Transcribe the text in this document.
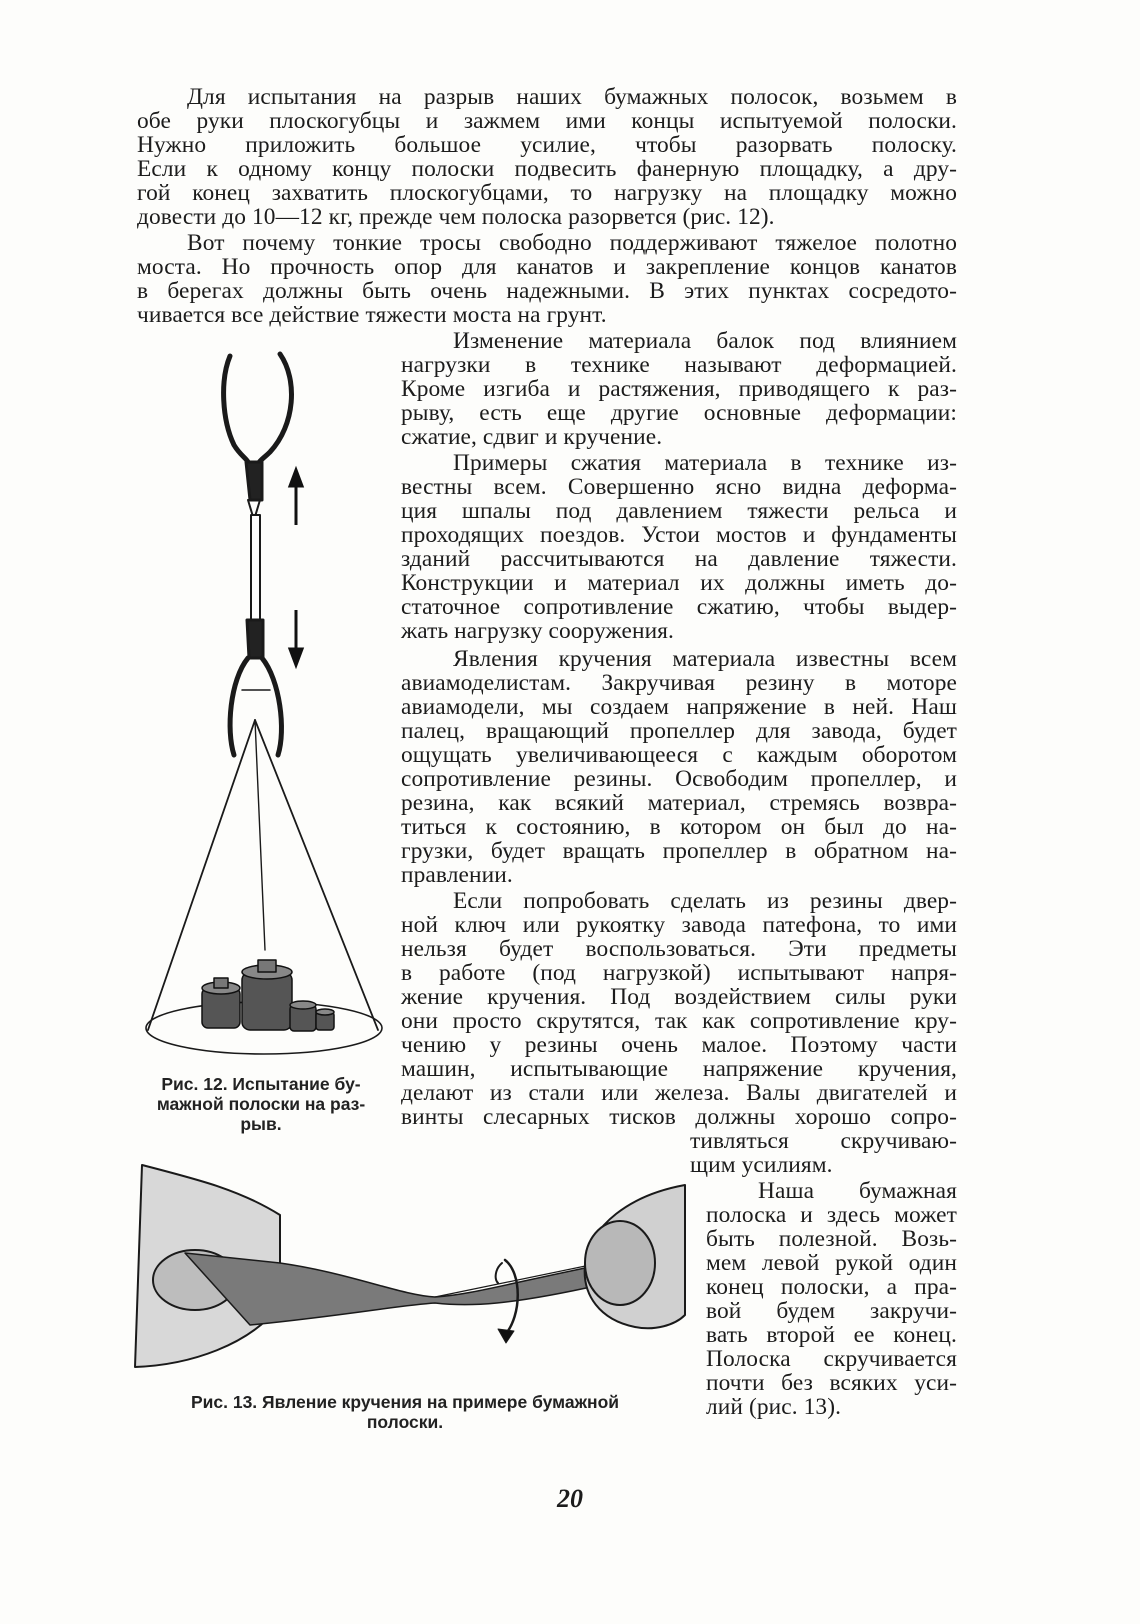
Для испытания на разрыв наших бумажных полосок, возьмем в
обе руки плоскогубцы и зажмем ими концы испытуемой полоски.
Нужно приложить большое усилие, чтобы разорвать полоску.
Если к одному концу полоски подвесить фанерную площадку, а дру-
гой конец захватить плоскогубцами, то нагрузку на площадку можно
довести до 10—12 кг, прежде чем полоска разорвется (рис. 12).
Вот почему тонкие тросы свободно поддерживают тяжелое полотно
моста. Но прочность опор для канатов и закрепление концов канатов
в берегах должны быть очень надежными. В этих пунктах сосредото-
чивается все действие тяжести моста на грунт.
Изменение материала балок под влиянием
нагрузки в технике называют деформацией.
Кроме изгиба и растяжения, приводящего к раз-
рыву, есть еще другие основные деформации:
сжатие, сдвиг и кручение.
Примеры сжатия материала в технике из-
вестны всем. Совершенно ясно видна деформа-
ция шпалы под давлением тяжести рельса и
проходящих поездов. Устои мостов и фундаменты
зданий рассчитываются на давление тяжести.
Конструкции и материал их должны иметь до-
статочное сопротивление сжатию, чтобы выдер-
жать нагрузку сооружения.
Явления кручения материала известны всем
авиамоделистам. Закручивая резину в моторе
авиамодели, мы создаем напряжение в ней. Наш
палец, вращающий пропеллер для завода, будет
ощущать увеличивающееся с каждым оборотом
сопротивление резины. Освободим пропеллер, и
резина, как всякий материал, стремясь возвра-
титься к состоянию, в котором он был до на-
грузки, будет вращать пропеллер в обратном на-
правлении.
Если попробовать сделать из резины двер-
ной ключ или рукоятку завода патефона, то ими
нельзя будет воспользоваться. Эти предметы
в работе (под нагрузкой) испытывают напря-
жение кручения. Под воздействием силы руки
они просто скрутятся, так как сопротивление кру-
чению у резины очень малое. Поэтому части
машин, испытывающие напряжение кручения,
делают из стали или железа. Валы двигателей и
винты слесарных тисков должны хорошо сопро-
тивляться скручиваю-
щим усилиям.
Наша бумажная
полоска и здесь может
быть полезной. Возь-
мем левой рукой один
конец полоски, а пра-
вой будем закручи-
вать второй ее конец.
Полоска скручивается
почти без всяких уси-
лий (рис. 13).
Рис. 12. Испытание бу-
мажной полоски на раз-
рыв.
Рис. 13. Явление кручения на примере бумажной
полоски.
20
